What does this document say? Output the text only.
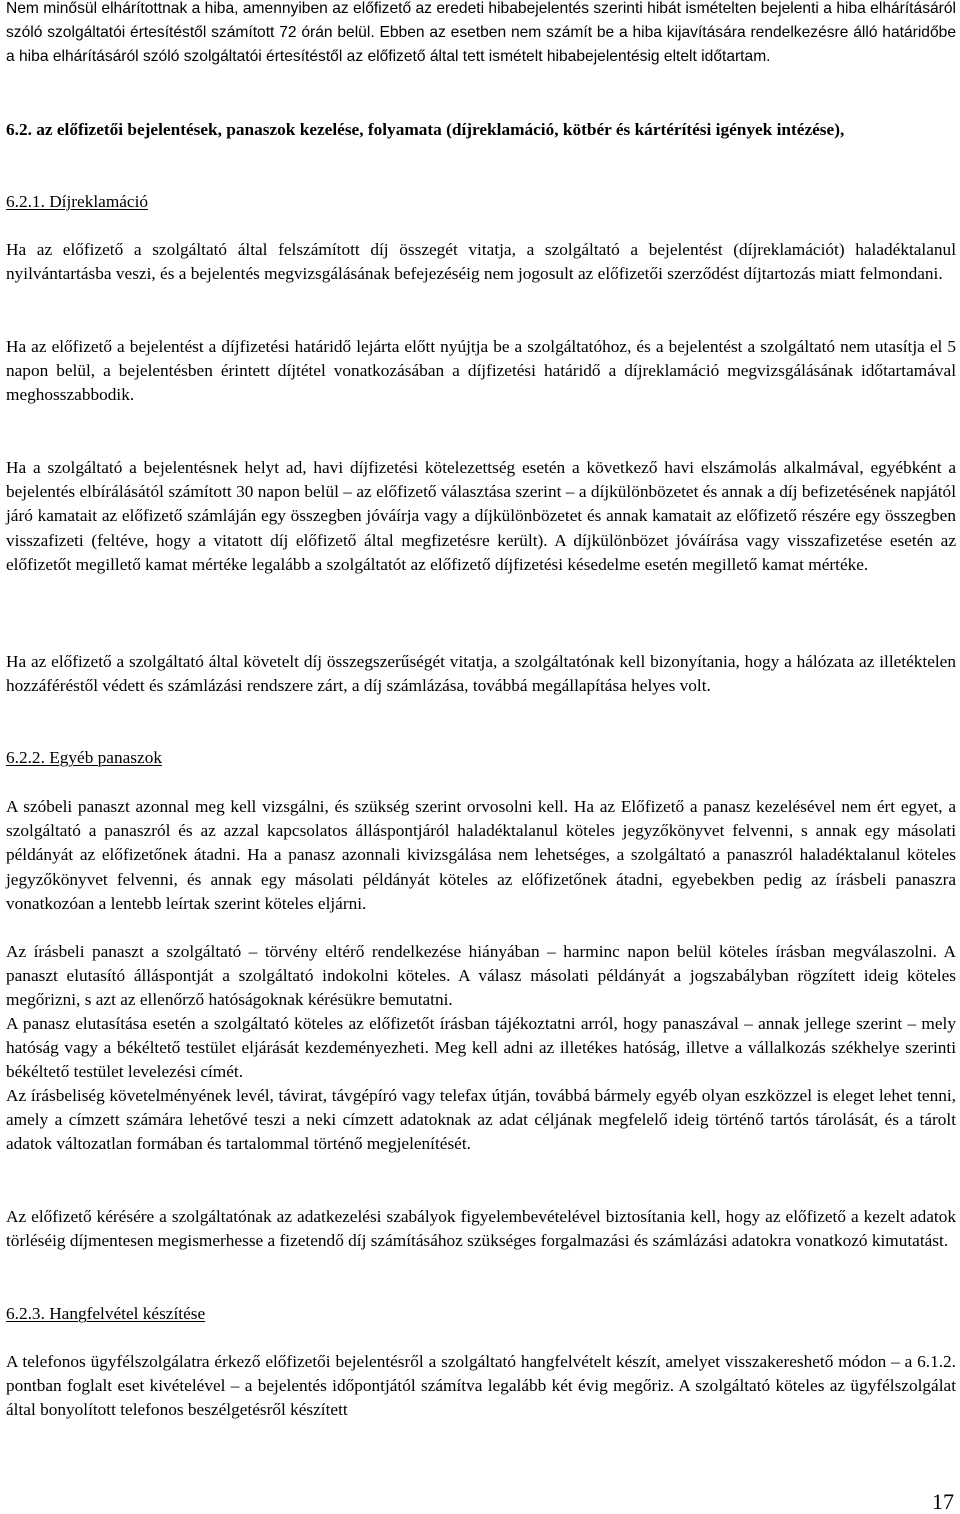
Nem minősül elhárítottnak a hiba, amennyiben az előfizető az eredeti hibabejelentés szerinti hibát ismételten bejelenti a hiba elhárításáról szóló szolgáltatói értesítéstől számított 72 órán belül. Ebben az esetben nem számít be a hiba kijavítására rendelkezésre álló határidőbe a hiba elhárításáról szóló szolgáltatói értesítéstől az előfizető által tett ismételt hibabejelentésig eltelt időtartam.

6.2. az előfizetői bejelentések, panaszok kezelése, folyamata (díjreklamáció, kötbér és kártérítési igények intézése),

6.2.1. Díjreklamáció

Ha az előfizető a szolgáltató által felszámított díj összegét vitatja, a szolgáltató a bejelentést (díjreklamációt) haladéktalanul nyilvántartásba veszi, és a bejelentés megvizsgálásának befejezéséig nem jogosult az előfizetői szerződést díjtartozás miatt felmondani.

Ha az előfizető a bejelentést a díjfizetési határidő lejárta előtt nyújtja be a szolgáltatóhoz, és a bejelentést a szolgáltató nem utasítja el 5 napon belül, a bejelentésben érintett díjtétel vonatkozásában a díjfizetési határidő a díjreklamáció megvizsgálásának időtartamával meghosszabbodik.

Ha a szolgáltató a bejelentésnek helyt ad, havi díjfizetési kötelezettség esetén a következő havi elszámolás alkalmával, egyébként a bejelentés elbírálásától számított 30 napon belül – az előfizető választása szerint – a díjkülönbözetet és annak a díj befizetésének napjától járó kamatait az előfizető számláján egy összegben jóváírja vagy a díjkülönbözetet és annak kamatait az előfizető részére egy összegben visszafizeti (feltéve, hogy a vitatott díj előfizető által megfizetésre került). A díjkülönbözet jóváírása vagy visszafizetése esetén az előfizetőt megillető kamat mértéke legalább a szolgáltatót az előfizető díjfizetési késedelme esetén megillető kamat mértéke.

Ha az előfizető a szolgáltató által követelt díj összegszerűségét vitatja, a szolgáltatónak kell bizonyítania, hogy a hálózata az illetéktelen hozzáféréstől védett és számlázási rendszere zárt, a díj számlázása, továbbá megállapítása helyes volt.

6.2.2. Egyéb panaszok

A szóbeli panaszt azonnal meg kell vizsgálni, és szükség szerint orvosolni kell. Ha az Előfizető a panasz kezelésével nem ért egyet, a szolgáltató a panaszról és az azzal kapcsolatos álláspontjáról haladéktalanul köteles jegyzőkönyvet felvenni, s annak egy másolati példányát az előfizetőnek átadni. Ha a panasz azonnali kivizsgálása nem lehetséges, a szolgáltató a panaszról haladéktalanul köteles jegyzőkönyvet felvenni, és annak egy másolati példányát köteles az előfizetőnek átadni, egyebekben pedig az írásbeli panaszra vonatkozóan a lentebb leírtak szerint köteles eljárni.

Az írásbeli panaszt a szolgáltató – törvény eltérő rendelkezése hiányában – harminc napon belül köteles írásban megválaszolni. A panaszt elutasító álláspontját a szolgáltató indokolni köteles. A válasz másolati példányát a jogszabályban rögzített ideig köteles megőrizni, s azt az ellenőrző hatóságoknak kérésükre bemutatni.

A panasz elutasítása esetén a szolgáltató köteles az előfizetőt írásban tájékoztatni arról, hogy panaszával – annak jellege szerint – mely hatóság vagy a békéltető testület eljárását kezdeményezheti. Meg kell adni az illetékes hatóság, illetve a vállalkozás székhelye szerinti békéltető testület levelezési címét.

Az írásbeliség követelményének levél, távirat, távgépíró vagy telefax útján, továbbá bármely egyéb olyan eszközzel is eleget lehet tenni, amely a címzett számára lehetővé teszi a neki címzett adatoknak az adat céljának megfelelő ideig történő tartós tárolását, és a tárolt adatok változatlan formában és tartalommal történő megjelenítését.

Az előfizető kérésére a szolgáltatónak az adatkezelési szabályok figyelembevételével biztosítania kell, hogy az előfizető a kezelt adatok törléséig díjmentesen megismerhesse a fizetendő díj számításához szükséges forgalmazási és számlázási adatokra vonatkozó kimutatást.

6.2.3. Hangfelvétel készítése

A telefonos ügyfélszolgálatra érkező előfizetői bejelentésről a szolgáltató hangfelvételt készít, amelyet visszakereshető módon – a 6.1.2. pontban foglalt eset kivételével – a bejelentés időpontjától számítva legalább két évig megőriz. A szolgáltató köteles az ügyfélszolgálat által bonyolított telefonos beszélgetésről készített

17
